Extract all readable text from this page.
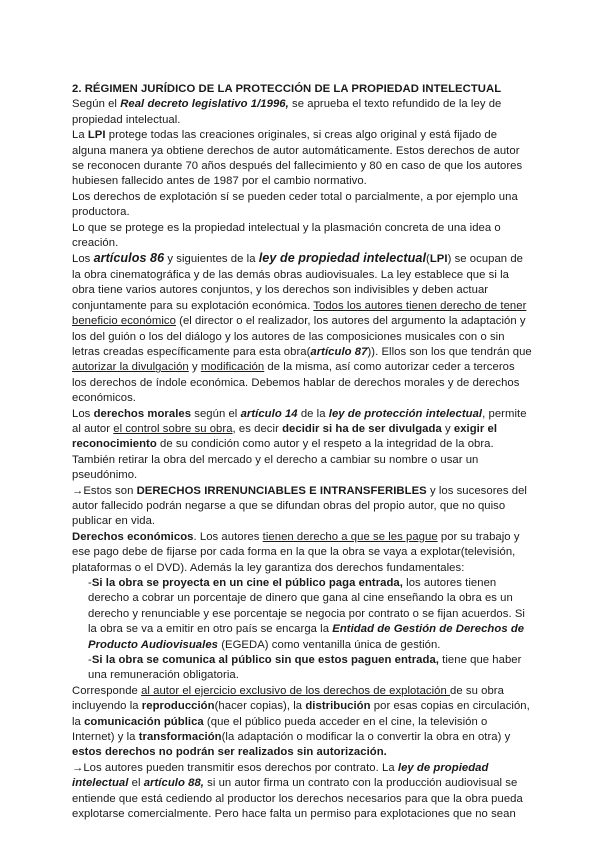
2. RÉGIMEN JURÍDICO DE LA PROTECCIÓN DE LA PROPIEDAD INTELECTUAL

Según el Real decreto legislativo 1/1996, se aprueba el texto refundido de la ley de propiedad intelectual.

La LPI protege todas las creaciones originales, si creas algo original y está fijado de alguna manera ya obtiene derechos de autor automáticamente. Estos derechos de autor se reconocen durante 70 años después del fallecimiento y 80 en caso de que los autores hubiesen fallecido antes de 1987 por el cambio normativo.

Los derechos de explotación sí se pueden ceder total o parcialmente, a por ejemplo una productora.

Lo que se protege es la propiedad intelectual y la plasmación concreta de una idea o creación.

Los artículos 86 y siguientes de la ley de propiedad intelectual(LPI) se ocupan de la obra cinematográfica y de las demás obras audiovisuales. La ley establece que si la obra tiene varios autores conjuntos, y los derechos son indivisibles y deben actuar conjuntamente para su explotación económica. Todos los autores tienen derecho de tener beneficio económico (el director o el realizador, los autores del argumento la adaptación y los del guión o los del diálogo y los autores de las composiciones musicales con o sin letras creadas específicamente para esta obra(artículo 87)). Ellos son los que tendrán que autorizar la divulgación y modificación de la misma, así como autorizar ceder a terceros los derechos de índole económica. Debemos hablar de derechos morales y de derechos económicos.

Los derechos morales según el artículo 14 de la ley de protección intelectual, permite al autor el control sobre su obra, es decir decidir si ha de ser divulgada y exigir el reconocimiento de su condición como autor y el respeto a la integridad de la obra. También retirar la obra del mercado y el derecho a cambiar su nombre o usar un pseudónimo.

→Estos son DERECHOS IRRENUNCIABLES E INTRANSFERIBLES y los sucesores del autor fallecido podrán negarse a que se difundan obras del propio autor, que no quiso publicar en vida.

Derechos económicos. Los autores tienen derecho a que se les pague por su trabajo y ese pago debe de fijarse por cada forma en la que la obra se vaya a explotar(televisión, plataformas o el DVD). Además la ley garantiza dos derechos fundamentales:

-Si la obra se proyecta en un cine el público paga entrada, los autores tienen derecho a cobrar un porcentaje de dinero que gana al cine enseñando la obra es un derecho y renunciable y ese porcentaje se negocia por contrato o se fijan acuerdos. Si la obra se va a emitir en otro país se encarga la Entidad de Gestión de Derechos de Producto Audiovisuales (EGEDA) como ventanilla única de gestión.

-Si la obra se comunica al público sin que estos paguen entrada, tiene que haber una remuneración obligatoria.

Corresponde al autor el ejercicio exclusivo de los derechos de explotación de su obra incluyendo la reproducción(hacer copias), la distribución por esas copias en circulación, la comunicación pública (que el público pueda acceder en el cine, la televisión o Internet) y la transformación(la adaptación o modificar la o convertir la obra en otra) y estos derechos no podrán ser realizados sin autorización.

→Los autores pueden transmitir esos derechos por contrato. La ley de propiedad intelectual el artículo 88, si un autor firma un contrato con la producción audiovisual se entiende que está cediendo al productor los derechos necesarios para que la obra pueda explotarse comercialmente. Pero hace falta un permiso para explotaciones que no sean
